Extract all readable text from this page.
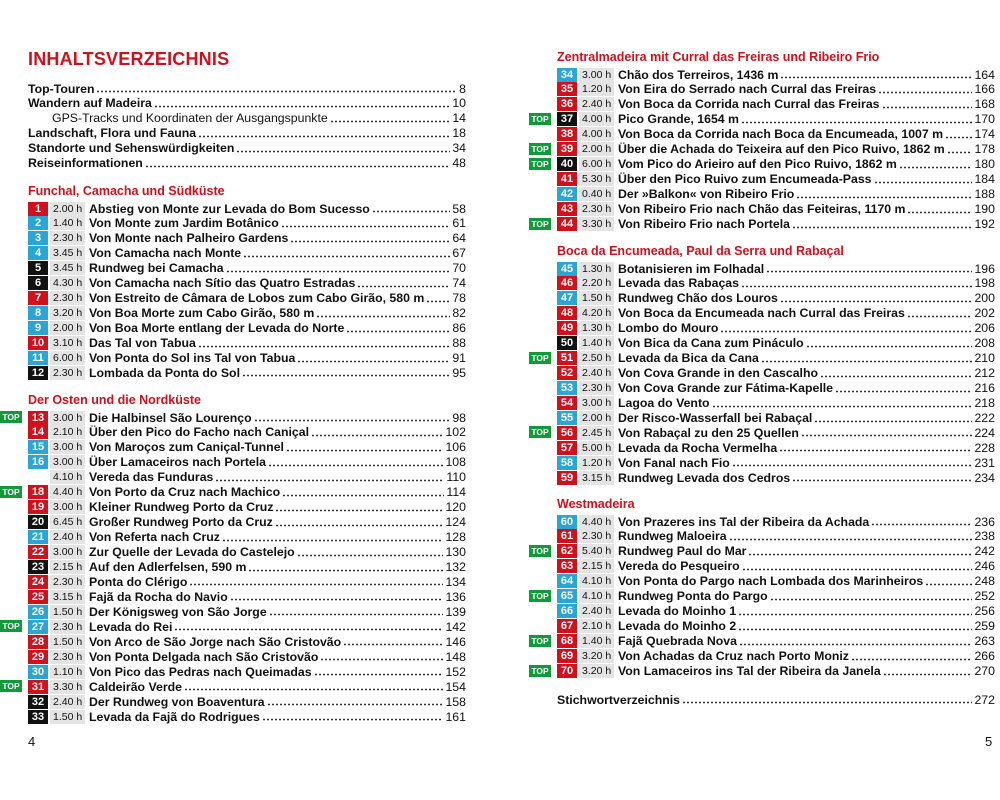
INHALTSVERZEICHNIS
Top-Touren	8
Wandern auf Madeira	10
GPS-Tracks und Koordinaten der Ausgangspunkte	14
Landschaft, Flora und Fauna	18
Standorte und Sehenswürdigkeiten	34
Reiseinformationen	48
Funchal, Camacha und Südküste
1	2.00 h Abstieg von Monte zur Levada do Bom Sucesso	58
2	1.40 h Von Monte zum Jardim Botânico	61
3	2.30 h Von Monte nach Palheiro Gardens	64
4	3.45 h Von Camacha nach Monte	67
5	3.45 h Rundweg bei Camacha	70
6	4.30 h Von Camacha nach Sítio das Quatro Estradas	74
7	2.30 h Von Estreito de Câmara de Lobos zum Cabo Girão, 580 m 78
8	3.20 h Von Boa Morte zum Cabo Girão, 580 m	82
9	2.00 h Von Boa Morte entlang der Levada do Norte	86
10 3.10 h Das Tal von Tabua	88
11 6.00 h Von Ponta do Sol ins Tal von Tabua	91
12 2.30 h Lombada da Ponta do Sol	95
Der Osten und die Nordküste
TOP	13 3.00 h Die Halbinsel São Lourenço	98
14 2.10 h Über den Pico do Facho nach Caniçal	102
15 3.00 h Von Maroços zum Caniçal-Tunnel	106
16 3.00 h Über Lamaceiros nach Portela	108
4.10 h Vereda das Funduras	110
TOP	18 4.40 h Von Porto da Cruz nach Machico	114
19 3.00 h Kleiner Rundweg Porto da Cruz	120
20 6.45 h Großer Rundweg Porto da Cruz	124
21 2.40 h Von Referta nach Cruz	128
22 3.00 h Zur Quelle der Levada do Castelejo	130
23 2.15 h Auf den Adlerfelsen, 590 m	132
24 2.30 h Ponta do Clérigo	134
25 3.15 h Fajã da Rocha do Navio	136
26 1.50 h Der Königsweg von São Jorge	139
TOP	27 2.30 h Levada do Rei	142
28 1.50 h Von Arco de São Jorge nach São Cristovão	146
29 2.30 h Von Ponta Delgada nach São Cristovão	148
30 1.10 h Von Pico das Pedras nach Queimadas	152
TOP	31 3.30 h Caldeirão Verde	154
32 2.40 h Der Rundweg von Boaventura	158
33 1.50 h Levada da Fajã do Rodrigues	161
4
Zentralmadeira mit Curral das Freiras und Ribeiro Frio
34 3.00 h Chão dos Terreiros, 1436 m	164
35 1.20 h Von Eira do Serrado nach Curral das Freiras	166
36 2.40 h Von Boca da Corrida nach Curral das Freiras	168
TOP	37 4.00 h Pico Grande, 1654 m	170
38 4.00 h Von Boca da Corrida nach Boca da Encumeada, 1007 m	174
TOP	39 2.00 h Über die Achada do Teixeira auf den Pico Ruivo, 1862 m 178
TOP	40 6.00 h Vom Pico do Arieiro auf den Pico Ruivo, 1862 m	180
41 5.30 h Über den Pico Ruivo zum Encumeada-Pass	184
42 0.40 h Der »Balkon« von Ribeiro Frio	188
43 2.30 h Von Ribeiro Frio nach Chão das Feiteiras, 1170 m	190
TOP	44 3.30 h Von Ribeiro Frio nach Portela	192
Boca da Encumeada, Paul da Serra und Rabaçal
45 1.30 h Botanisieren im Folhadal	196
46 2.20 h Levada das Rabaças	198
47 1.50 h Rundweg Chão dos Louros	200
48 4.20 h Von Boca da Encumeada nach Curral das Freiras	202
49 1.30 h Lombo do Mouro	206
50 1.40 h Von Bica da Cana zum Pináculo	208
TOP	51 2.50 h Levada da Bica da Cana	210
52 2.40 h Von Cova Grande in den Cascalho	212
53 2.30 h Von Cova Grande zur Fátima-Kapelle	216
54 3.00 h Lagoa do Vento	218
55 2.00 h Der Risco-Wasserfall bei Rabaçal	222
TOP	56 2.45 h Von Rabaçal zu den 25 Quellen	224
57 5.00 h Levada da Rocha Vermelha	228
58 1.20 h Von Fanal nach Fio	231
59 3.15 h Rundweg Levada dos Cedros	234
Westmadeira
60 4.40 h Von Prazeres ins Tal der Ribeira da Achada	236
61 2.30 h Rundweg Maloeira	238
TOP	62 5.40 h Rundweg Paul do Mar	242
63 2.15 h Vereda do Pesqueiro	246
64 4.10 h Von Ponta do Pargo nach Lombada dos Marinheiros	248
TOP	65 4.10 h Rundweg Ponta do Pargo	252
66 2.40 h Levada do Moinho 1	256
67 2.10 h Levada do Moinho 2	259
TOP	68 1.40 h Fajã Quebrada Nova	263
69 3.20 h Von Achadas da Cruz nach Porto Moniz	266
TOP	70 3.20 h Von Lamaceiros ins Tal der Ribeira da Janela	270
Stichwortverzeichnis	272
5
